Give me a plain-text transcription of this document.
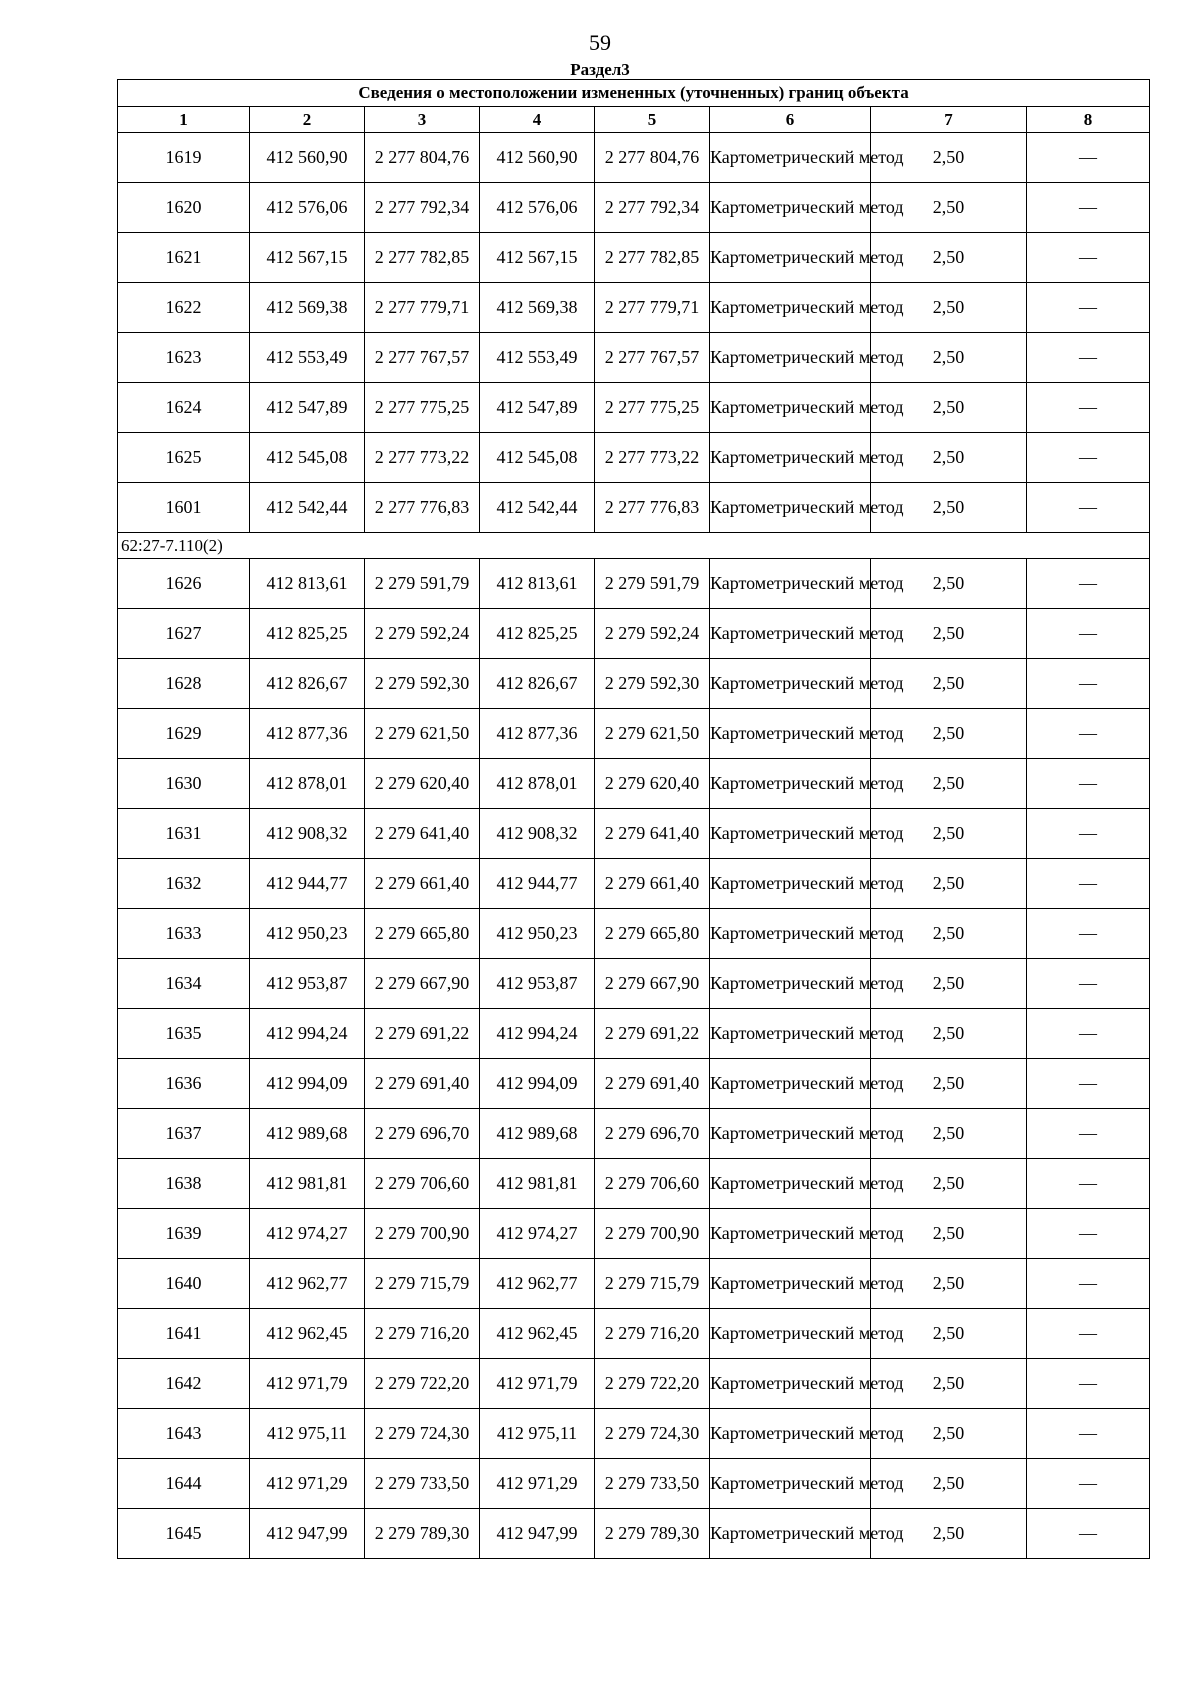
59
Раздел3
Сведения о местоположении измененных (уточненных) границ объекта							
1	2	3	4	5	6	7	8
1619	412 560,90	2 277 804,76	412 560,90	2 277 804,76	Картометрический метод	2,50	—
1620	412 576,06	2 277 792,34	412 576,06	2 277 792,34	Картометрический метод	2,50	—
1621	412 567,15	2 277 782,85	412 567,15	2 277 782,85	Картометрический метод	2,50	—
1622	412 569,38	2 277 779,71	412 569,38	2 277 779,71	Картометрический метод	2,50	—
1623	412 553,49	2 277 767,57	412 553,49	2 277 767,57	Картометрический метод	2,50	—
1624	412 547,89	2 277 775,25	412 547,89	2 277 775,25	Картометрический метод	2,50	—
1625	412 545,08	2 277 773,22	412 545,08	2 277 773,22	Картометрический метод	2,50	—
1601	412 542,44	2 277 776,83	412 542,44	2 277 776,83	Картометрический метод	2,50	—
62:27-7.110(2)							
1626	412 813,61	2 279 591,79	412 813,61	2 279 591,79	Картометрический метод	2,50	—
1627	412 825,25	2 279 592,24	412 825,25	2 279 592,24	Картометрический метод	2,50	—
1628	412 826,67	2 279 592,30	412 826,67	2 279 592,30	Картометрический метод	2,50	—
1629	412 877,36	2 279 621,50	412 877,36	2 279 621,50	Картометрический метод	2,50	—
1630	412 878,01	2 279 620,40	412 878,01	2 279 620,40	Картометрический метод	2,50	—
1631	412 908,32	2 279 641,40	412 908,32	2 279 641,40	Картометрический метод	2,50	—
1632	412 944,77	2 279 661,40	412 944,77	2 279 661,40	Картометрический метод	2,50	—
1633	412 950,23	2 279 665,80	412 950,23	2 279 665,80	Картометрический метод	2,50	—
1634	412 953,87	2 279 667,90	412 953,87	2 279 667,90	Картометрический метод	2,50	—
1635	412 994,24	2 279 691,22	412 994,24	2 279 691,22	Картометрический метод	2,50	—
1636	412 994,09	2 279 691,40	412 994,09	2 279 691,40	Картометрический метод	2,50	—
1637	412 989,68	2 279 696,70	412 989,68	2 279 696,70	Картометрический метод	2,50	—
1638	412 981,81	2 279 706,60	412 981,81	2 279 706,60	Картометрический метод	2,50	—
1639	412 974,27	2 279 700,90	412 974,27	2 279 700,90	Картометрический метод	2,50	—
1640	412 962,77	2 279 715,79	412 962,77	2 279 715,79	Картометрический метод	2,50	—
1641	412 962,45	2 279 716,20	412 962,45	2 279 716,20	Картометрический метод	2,50	—
1642	412 971,79	2 279 722,20	412 971,79	2 279 722,20	Картометрический метод	2,50	—
1643	412 975,11	2 279 724,30	412 975,11	2 279 724,30	Картометрический метод	2,50	—
1644	412 971,29	2 279 733,50	412 971,29	2 279 733,50	Картометрический метод	2,50	—
1645	412 947,99	2 279 789,30	412 947,99	2 279 789,30	Картометрический метод	2,50	—
